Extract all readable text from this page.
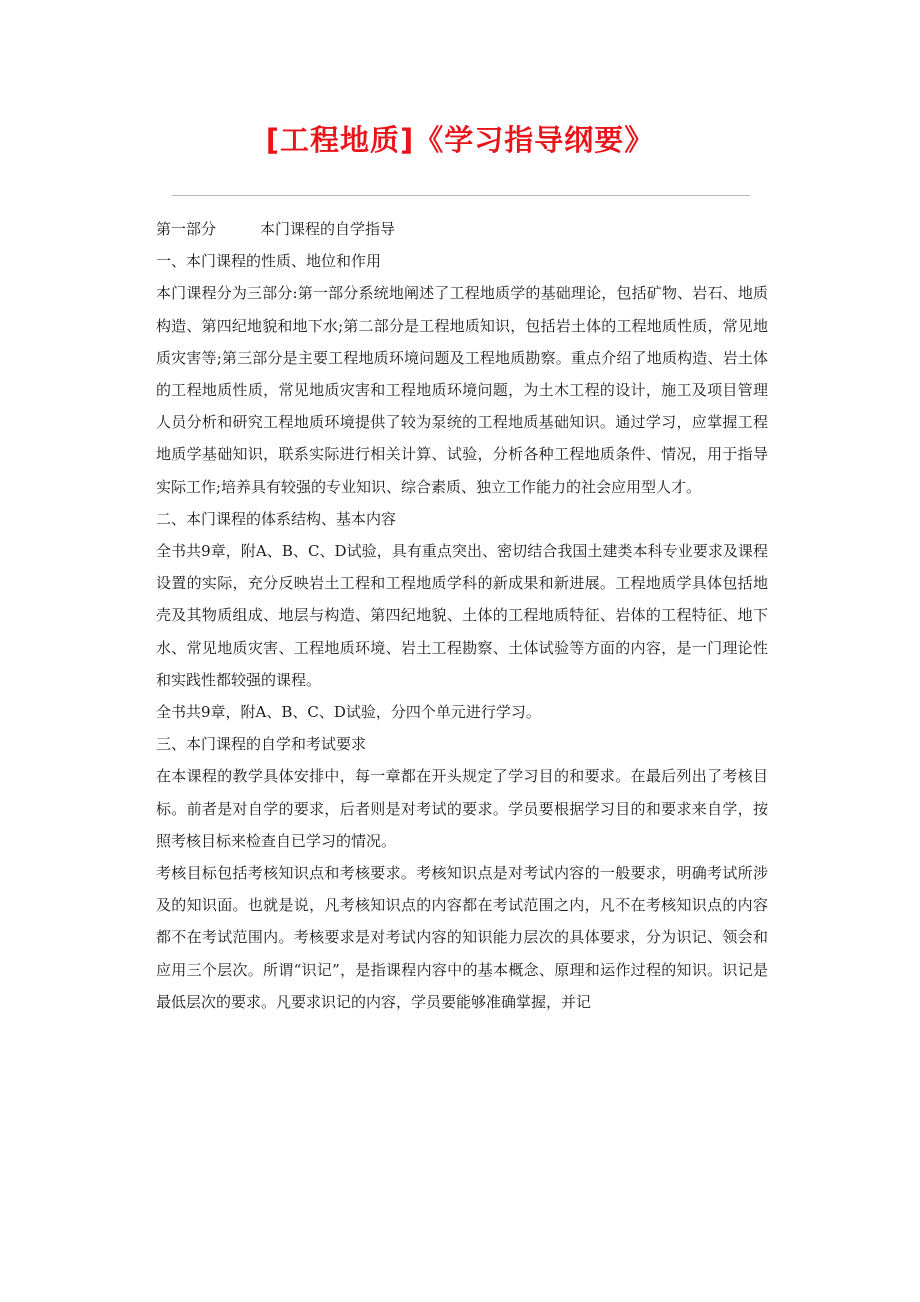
[工程地质]《学习指导纲要》

第一部分	本门课程的自学指导

一、本门课程的性质、地位和作用

本门课程分为三部分:第一部分系统地阐述了工程地质学的基础理论，包括矿物、岩石、地质构造、第四纪地貌和地下水;第二部分是工程地质知识，包括岩土体的工程地质性质，常见地质灾害等;第三部分是主要工程地质环境问题及工程地质勘察。重点介绍了地质构造、岩土体的工程地质性质，常见地质灾害和工程地质环境问题，为土木工程的设计，施工及项目管理人员分析和研究工程地质环境提供了较为泵统的工程地质基础知识。通过学习，应掌握工程地质学基础知识，联系实际进行相关计算、试验，分析各种工程地质条件、情况，用于指导实际工作;培养具有较强的专业知识、综合素质、独立工作能力的社会应用型人才。

二、本门课程的体系结构、基本内容

全书共9章，附A、B、C、D试验，具有重点突出、密切结合我国土建类本科专业要求及课程设置的实际，充分反映岩土工程和工程地质学科的新成果和新进展。工程地质学具体包括地壳及其物质组成、地层与构造、第四纪地貌、土体的工程地质特征、岩体的工程特征、地下水、常见地质灾害、工程地质环境、岩土工程勘察、土体试验等方面的内容，是一门理论性和实践性都较强的课程。

全书共9章，附A、B、C、D试验，分四个单元进行学习。

三、本门课程的自学和考试要求

在本课程的教学具体安排中，每一章都在开头规定了学习目的和要求。在最后列出了考核目标。前者是对自学的要求，后者则是对考试的要求。学员要根据学习目的和要求来自学，按照考核目标来检查自已学习的情况。

考核目标包括考核知识点和考核要求。考核知识点是对考试内容的一般要求，明确考试所涉及的知识面。也就是说，凡考核知识点的内容都在考试范围之内，凡不在考核知识点的内容都不在考试范围内。考核要求是对考试内容的知识能力层次的具体要求，分为识记、领会和应用三个层次。所谓“识记”，是指课程内容中的基本概念、原理和运作过程的知识。识记是最低层次的要求。凡要求识记的内容，学员要能够准确掌握，并记
